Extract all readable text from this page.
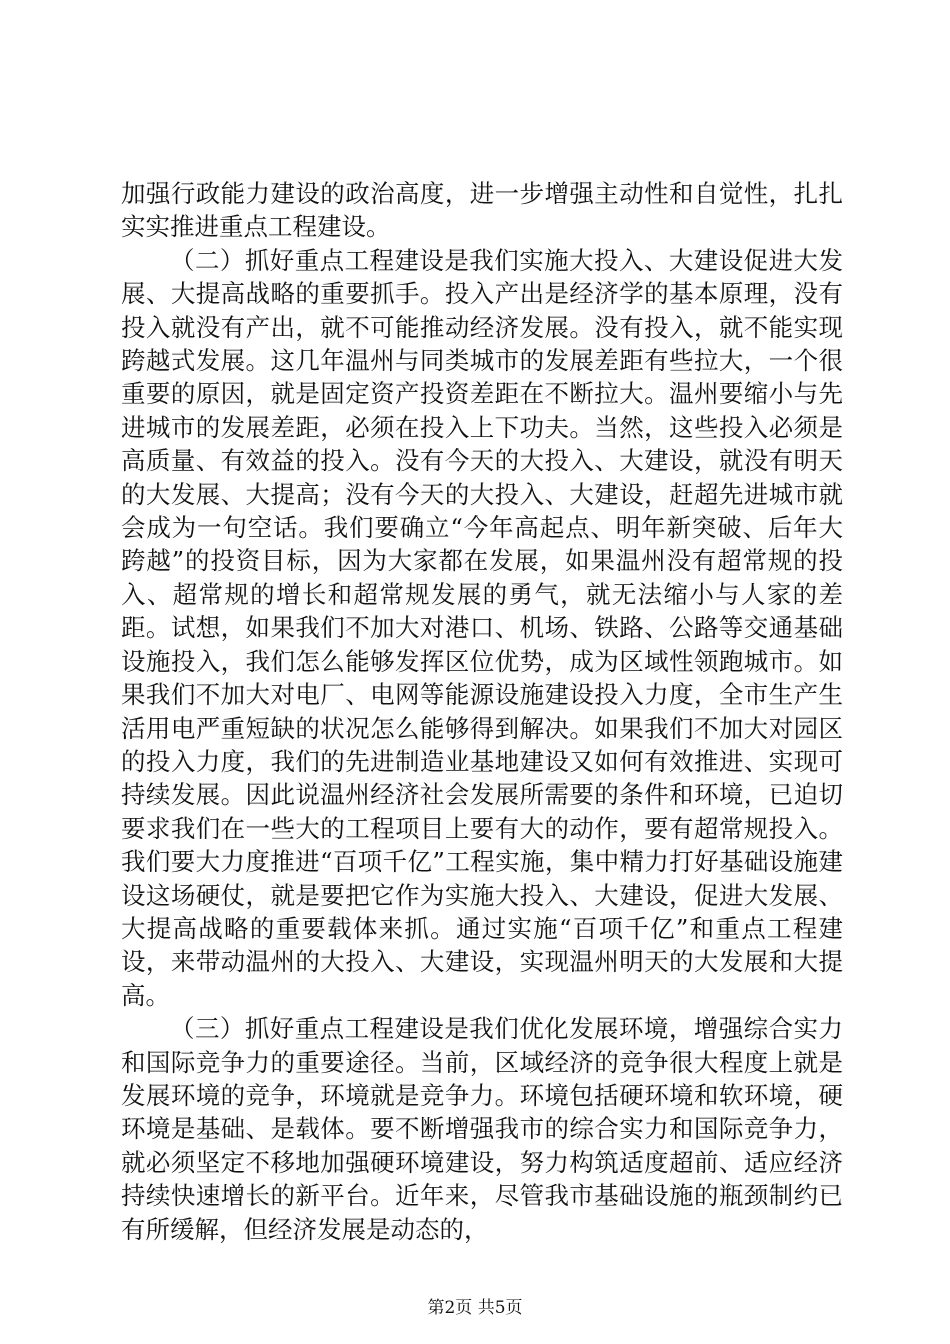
加强行政能力建设的政治高度，进一步增强主动性和自觉性，扎扎实实推进重点工程建设。

（二）抓好重点工程建设是我们实施大投入、大建设促进大发展、大提高战略的重要抓手。投入产出是经济学的基本原理，没有投入就没有产出，就不可能推动经济发展。没有投入，就不能实现跨越式发展。这几年温州与同类城市的发展差距有些拉大，一个很重要的原因，就是固定资产投资差距在不断拉大。温州要缩小与先进城市的发展差距，必须在投入上下功夫。当然，这些投入必须是高质量、有效益的投入。没有今天的大投入、大建设，就没有明天的大发展、大提高；没有今天的大投入、大建设，赶超先进城市就会成为一句空话。我们要确立“今年高起点、明年新突破、后年大跨越”的投资目标，因为大家都在发展，如果温州没有超常规的投入、超常规的增长和超常规发展的勇气，就无法缩小与人家的差距。试想，如果我们不加大对港口、机场、铁路、公路等交通基础设施投入，我们怎么能够发挥区位优势，成为区域性领跑城市。如果我们不加大对电厂、电网等能源设施建设投入力度，全市生产生活用电严重短缺的状况怎么能够得到解决。如果我们不加大对园区的投入力度，我们的先进制造业基地建设又如何有效推进、实现可持续发展。因此说温州经济社会发展所需要的条件和环境，已迫切要求我们在一些大的工程项目上要有大的动作，要有超常规投入。我们要大力度推进“百项千亿”工程实施，集中精力打好基础设施建设这场硬仗，就是要把它作为实施大投入、大建设，促进大发展、大提高战略的重要载体来抓。通过实施“百项千亿”和重点工程建设，来带动温州的大投入、大建设，实现温州明天的大发展和大提高。

（三）抓好重点工程建设是我们优化发展环境，增强综合实力和国际竞争力的重要途径。当前，区域经济的竞争很大程度上就是发展环境的竞争，环境就是竞争力。环境包括硬环境和软环境，硬环境是基础、是载体。要不断增强我市的综合实力和国际竞争力，就必须坚定不移地加强硬环境建设，努力构筑适度超前、适应经济持续快速增长的新平台。近年来，尽管我市基础设施的瓶颈制约已有所缓解，但经济发展是动态的，

第2页 共5页
